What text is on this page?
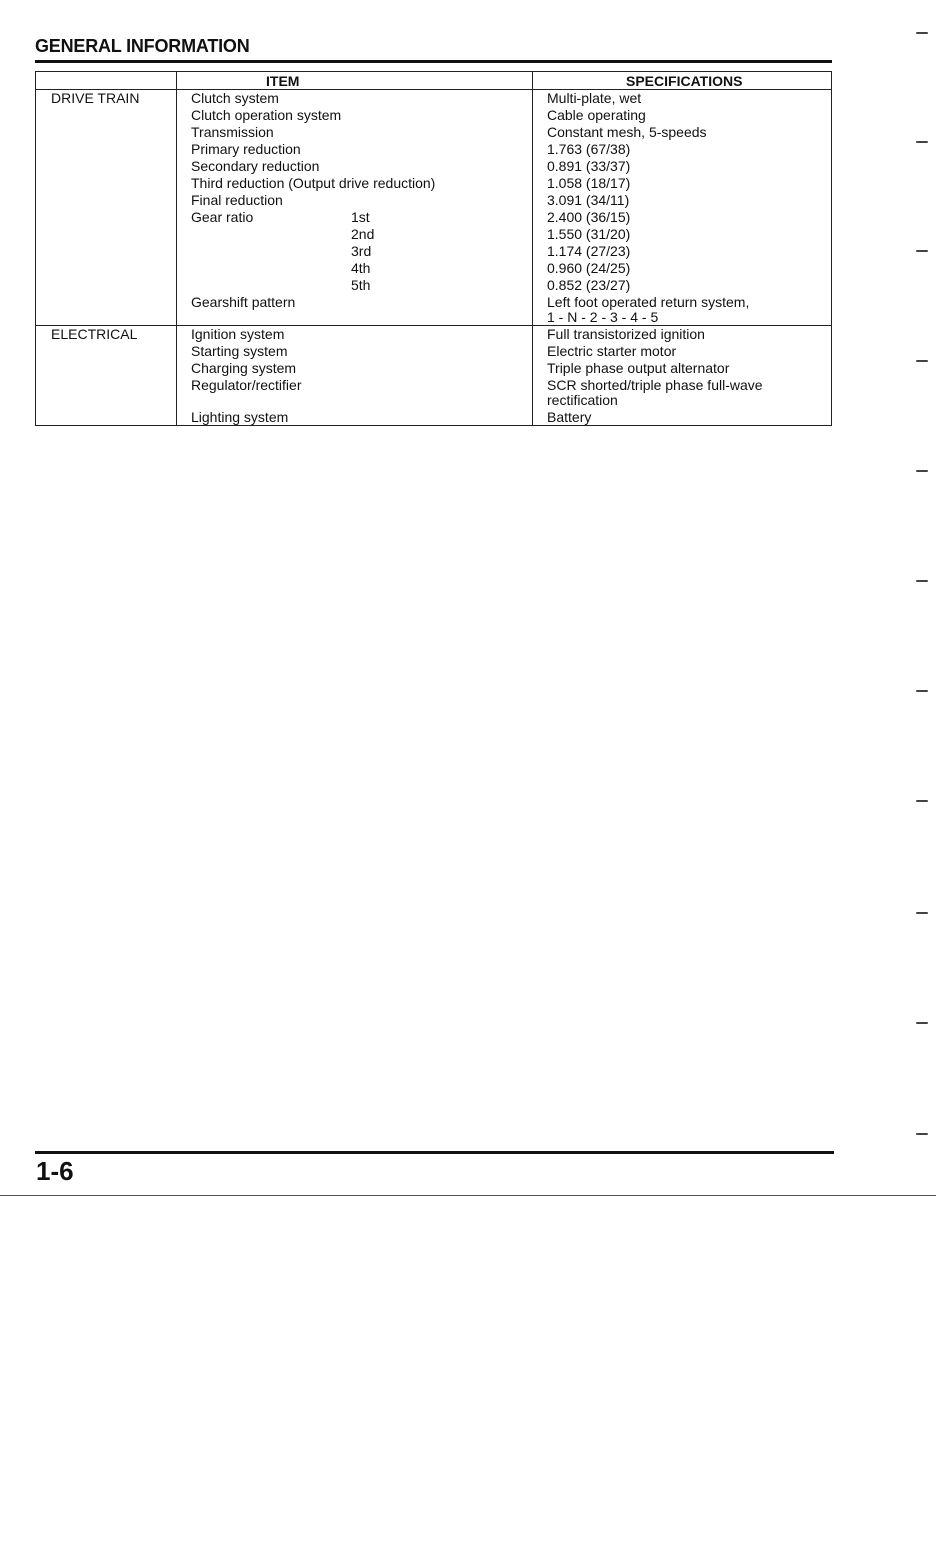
GENERAL INFORMATION
ITEM	SPECIFICATIONS
DRIVE TRAIN	Clutch system	Multi-plate, wet
Clutch operation system	Cable operating
Transmission	Constant mesh, 5-speeds
Primary reduction	1.763 (67/38)
Secondary reduction	0.891 (33/37)
Third reduction (Output drive reduction)	1.058 (18/17)
Final reduction	3.091 (34/11)
Gear ratio	1st	2.400 (36/15)
2nd	1.550 (31/20)
3rd	1.174 (27/23)
4th	0.960 (24/25)
5th	0.852 (23/27)
Gearshift pattern	Left foot operated return system,
1 - N - 2 - 3 - 4 - 5
ELECTRICAL	Ignition system	Full transistorized ignition
Starting system	Electric starter motor
Charging system	Triple phase output alternator
Regulator/rectifier	SCR shorted/triple phase full-wave
rectification
Lighting system	Battery
1-6
